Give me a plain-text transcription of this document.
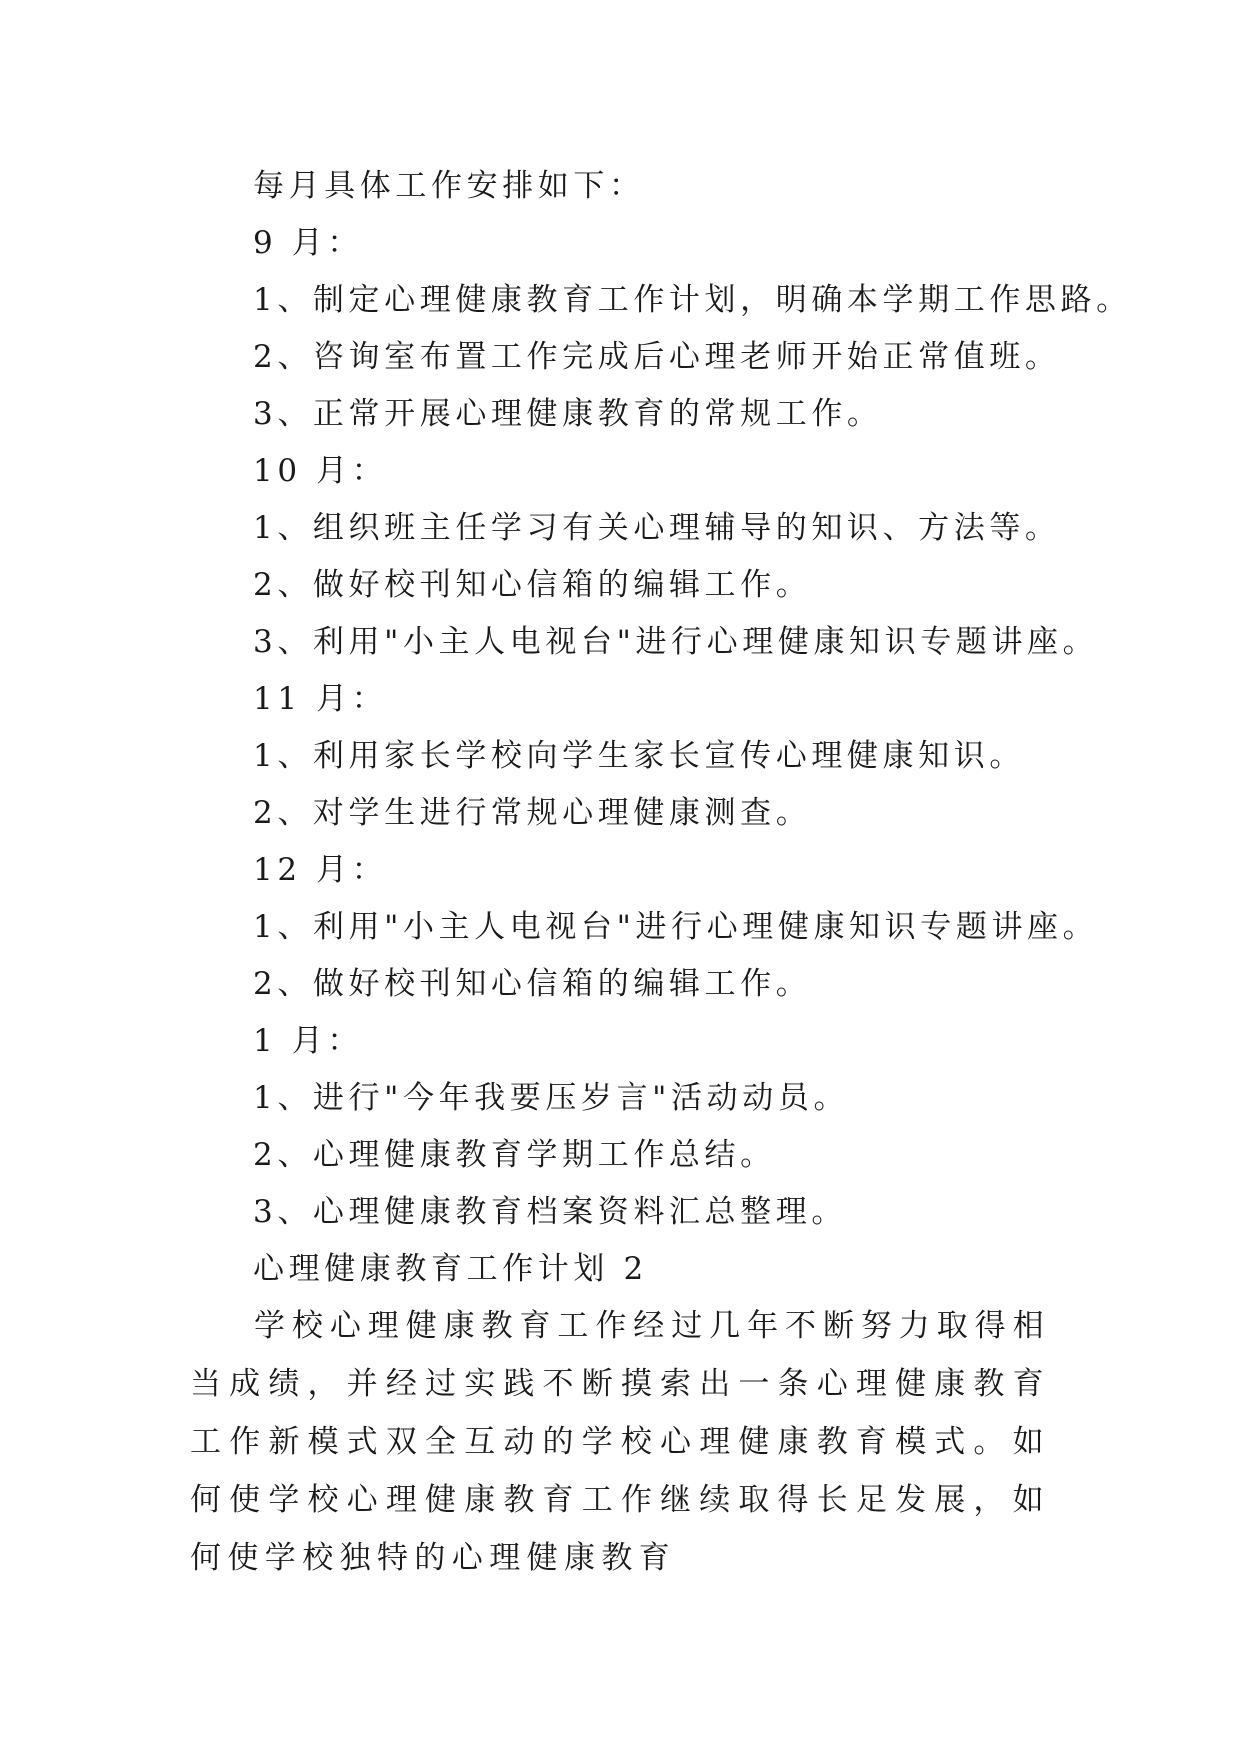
每月具体工作安排如下：
9 月：
1、制定心理健康教育工作计划，明确本学期工作思路。
2、咨询室布置工作完成后心理老师开始正常值班。
3、正常开展心理健康教育的常规工作。
10 月：
1、组织班主任学习有关心理辅导的知识、方法等。
2、做好校刊知心信箱的编辑工作。
3、利用"小主人电视台"进行心理健康知识专题讲座。
11 月：
1、利用家长学校向学生家长宣传心理健康知识。
2、对学生进行常规心理健康测查。
12 月：
1、利用"小主人电视台"进行心理健康知识专题讲座。
2、做好校刊知心信箱的编辑工作。
1 月：
1、进行"今年我要压岁言"活动动员。
2、心理健康教育学期工作总结。
3、心理健康教育档案资料汇总整理。
心理健康教育工作计划 2
学校心理健康教育工作经过几年不断努力取得相当成绩，并经过实践不断摸索出一条心理健康教育工作新模式双全互动的学校心理健康教育模式。如何使学校心理健康教育工作继续取得长足发展，如何使学校独特的心理健康教育
